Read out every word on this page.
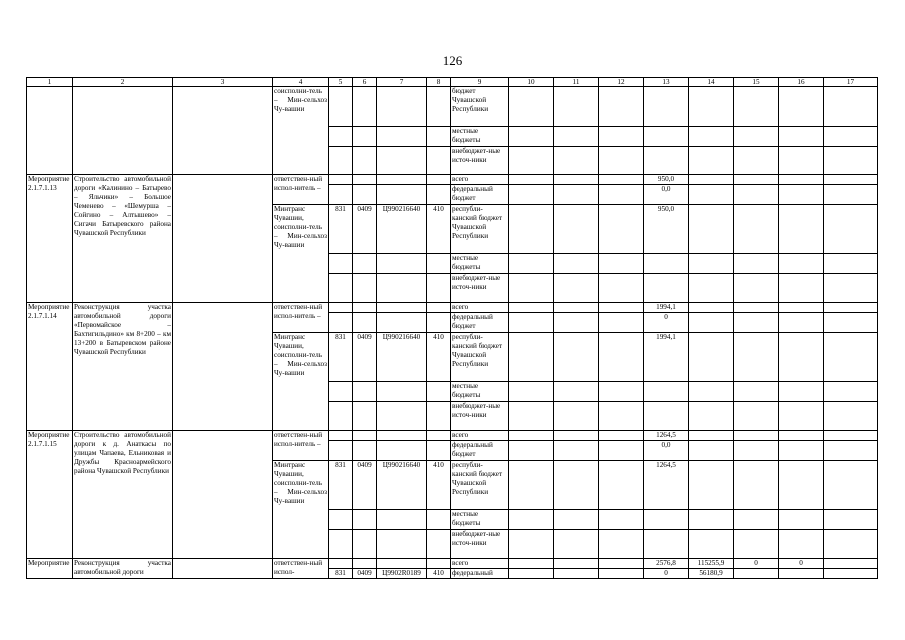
126
1	2	3	4	5	6	7	8	9	10	11	12	13	14	15	16	17
			соисполни-тель – Мин-сельхоз Чу-вашии					бюджет Чувашской Республики								
								местные бюджеты								
								внебюджет-ные источ-ники								
Мероприятие 2.1.7.1.13	Строительство автомобильной дороги «Калинино – Батырево – Яльчики» – Большое Чеменево – «Шемурша – Сойгино – Алтышево» – Сигачи Батыревского района Чувашской Республики		ответствен-ный испол-нитель –					всего				950,0				
								федеральный бюджет				0,0				
			Минтранс Чувашии, соисполни-тель – Мин-сельхоз Чу-вашии	831	0409	Ц990216640	410	республи-канский бюджет Чувашской Республики				950,0				
								местные бюджеты								
								внебюджет-ные источ-ники								
Мероприятие 2.1.7.1.14	Реконструкция участка автомобильной дороги «Первомайское – Бахтигильдино» км 8+200 – км 13+200 в Батыревском районе Чувашской Республики		ответствен-ный испол-нитель –					всего				1994,1				
								федеральный бюджет				0				
			Минтранс Чувашии, соисполни-тель – Мин-сельхоз Чу-вашии	831	0409	Ц990216640	410	республи-канский бюджет Чувашской Республики				1994,1				
								местные бюджеты								
								внебюджет-ные источ-ники								
Мероприятие 2.1.7.1.15	Строительство автомобильной дороги к д. Анаткасы по улицам Чапаева, Ельниковая и Дружбы Красноармейского района Чувашской Республики		ответствен-ный испол-нитель –					всего				1264,5				
								федеральный бюджет				0,0				
			Минтранс Чувашии, соисполни-тель – Мин-сельхоз Чу-вашии	831	0409	Ц990216640	410	республи-канский бюджет Чувашской Республики				1264,5				
								местные бюджеты								
								внебюджет-ные источ-ники								
Мероприятие	Реконструкция участка автомобильной дороги		ответствен-ный испол-					всего				2576,8	115255,9	0	0	
				831	0409	Ц9902R0189	410	федеральный				0	56180,9			
